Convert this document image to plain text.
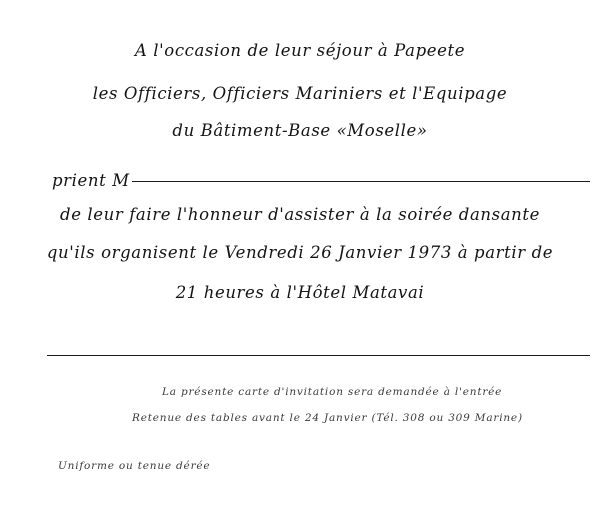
A l'occasion de leur séjour à Papeete
les Officiers, Officiers Mariniers et l'Equipage
du Bâtiment-Base «Moselle»
prient M
de leur faire l'honneur d'assister à la soirée dansante
qu'ils organisent le Vendredi 26 Janvier 1973 à partir de
21 heures à l'Hôtel Matavai
La présente carte d'invitation sera demandée à l'entrée
Retenue des tables avant le 24 Janvier (Tél. 308 ou 309 Marine)
Uniforme ou tenue dérée
